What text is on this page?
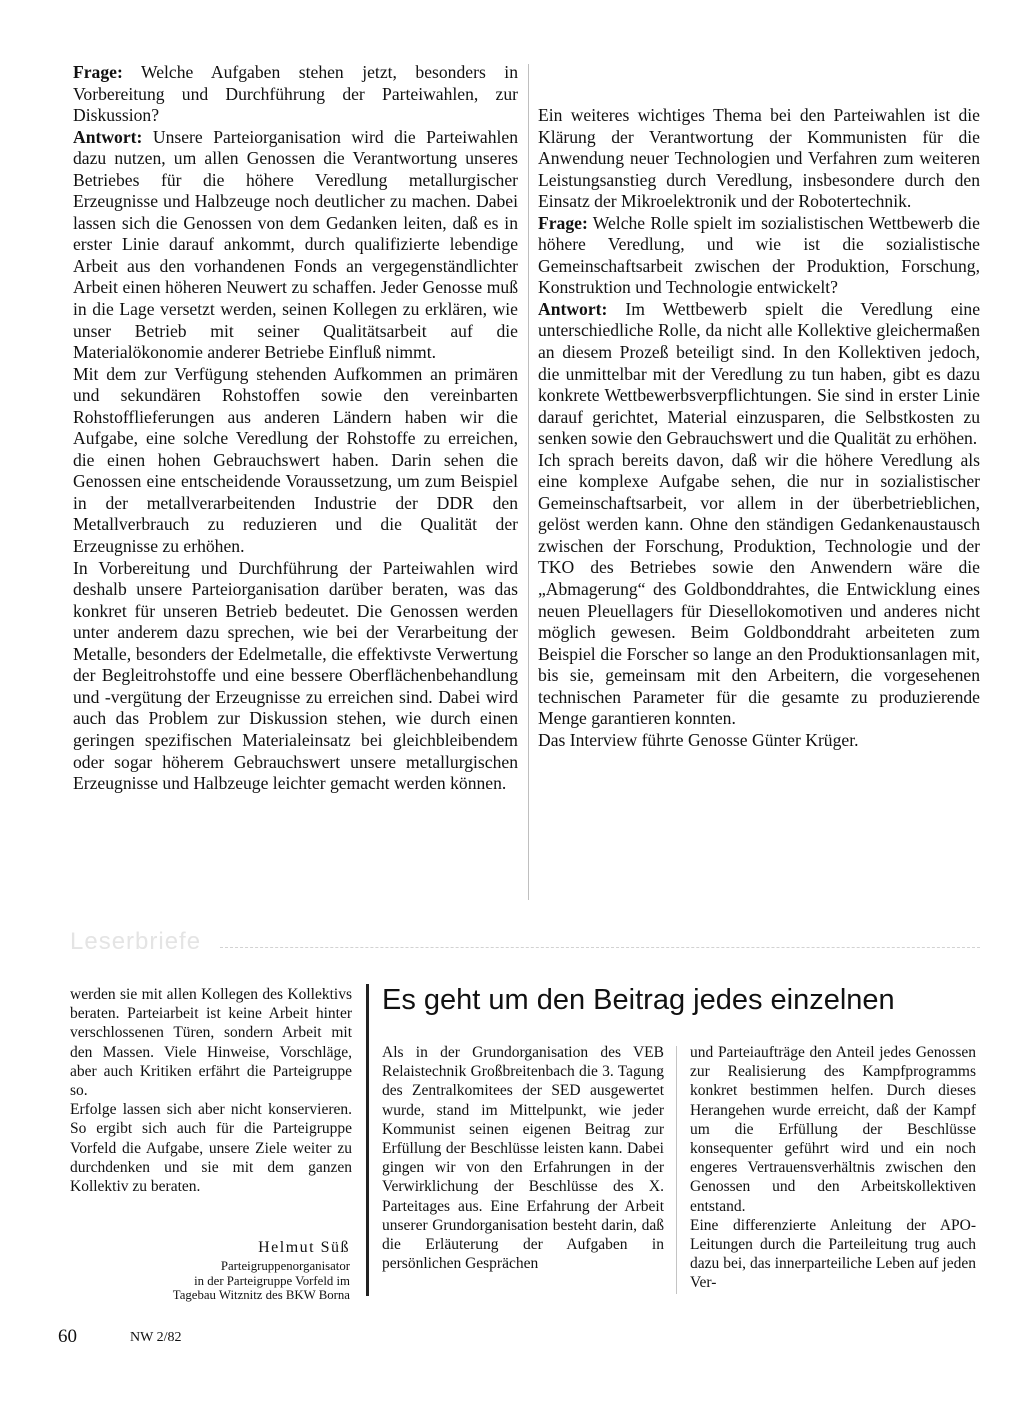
Frage: Welche Aufgaben stehen jetzt, besonders in Vorbereitung und Durchführung der Parteiwahlen, zur Diskussion?

Antwort: Unsere Parteiorganisation wird die Parteiwahlen dazu nutzen, um allen Genossen die Verantwortung unseres Betriebes für die höhere Veredlung metallurgischer Erzeugnisse und Halbzeuge noch deutlicher zu machen. Dabei lassen sich die Genossen von dem Gedanken leiten, daß es in erster Linie darauf ankommt, durch qualifizierte lebendige Arbeit aus den vorhandenen Fonds an vergegenständlichter Arbeit einen höheren Neuwert zu schaffen. Jeder Genosse muß in die Lage versetzt werden, seinen Kollegen zu erklären, wie unser Betrieb mit seiner Qualitätsarbeit auf die Materialökonomie anderer Betriebe Einfluß nimmt.

Mit dem zur Verfügung stehenden Aufkommen an primären und sekundären Rohstoffen sowie den vereinbarten Rohstofflieferungen aus anderen Ländern haben wir die Aufgabe, eine solche Veredlung der Rohstoffe zu erreichen, die einen hohen Gebrauchswert haben. Darin sehen die Genossen eine entscheidende Voraussetzung, um zum Beispiel in der metallverarbeitenden Industrie der DDR den Metallverbrauch zu reduzieren und die Qualität der Erzeugnisse zu erhöhen.

In Vorbereitung und Durchführung der Parteiwahlen wird deshalb unsere Parteiorganisation darüber beraten, was das konkret für unseren Betrieb bedeutet. Die Genossen werden unter anderem dazu sprechen, wie bei der Verarbeitung der Metalle, besonders der Edelmetalle, die effektivste Verwertung der Begleitrohstoffe und eine bessere Oberflächenbehandlung und -vergütung der Erzeugnisse zu erreichen sind. Dabei wird auch das Problem zur Diskussion stehen, wie durch einen geringen spezifischen Materialeinsatz bei gleichbleibendem oder sogar höherem Gebrauchswert unsere metallurgischen Erzeugnisse und Halbzeuge leichter gemacht werden können.

Ein weiteres wichtiges Thema bei den Parteiwahlen ist die Klärung der Verantwortung der Kommunisten für die Anwendung neuer Technologien und Verfahren zum weiteren Leistungsanstieg durch Veredlung, insbesondere durch den Einsatz der Mikroelektronik und der Robotertechnik.

Frage: Welche Rolle spielt im sozialistischen Wettbewerb die höhere Veredlung, und wie ist die sozialistische Gemeinschaftsarbeit zwischen der Produktion, Forschung, Konstruktion und Technologie entwickelt?

Antwort: Im Wettbewerb spielt die Veredlung eine unterschiedliche Rolle, da nicht alle Kollektive gleichermaßen an diesem Prozeß beteiligt sind. In den Kollektiven jedoch, die unmittelbar mit der Veredlung zu tun haben, gibt es dazu konkrete Wettbewerbsverpflichtungen. Sie sind in erster Linie darauf gerichtet, Material einzusparen, die Selbstkosten zu senken sowie den Gebrauchswert und die Qualität zu erhöhen.

Ich sprach bereits davon, daß wir die höhere Veredlung als eine komplexe Aufgabe sehen, die nur in sozialistischer Gemeinschaftsarbeit, vor allem in der überbetrieblichen, gelöst werden kann. Ohne den ständigen Gedankenaustausch zwischen der Forschung, Produktion, Technologie und der TKO des Betriebes sowie den Anwendern wäre die „Abmagerung“ des Goldbonddrahtes, die Entwicklung eines neuen Pleuellagers für Diesellokomotiven und anderes nicht möglich gewesen. Beim Goldbonddraht arbeiteten zum Beispiel die Forscher so lange an den Produktionsanlagen mit, bis sie, gemeinsam mit den Arbeitern, die vorgesehenen technischen Parameter für die gesamte zu produzierende Menge garantieren konnten.

Das Interview führte Genosse Günter Krüger.

Leserbriefe

werden sie mit allen Kollegen des Kollektivs beraten. Parteiarbeit ist keine Arbeit hinter verschlossenen Türen, sondern Arbeit mit den Massen. Viele Hinweise, Vorschläge, aber auch Kritiken erfährt die Parteigruppe so.

Erfolge lassen sich aber nicht konservieren. So ergibt sich auch für die Parteigruppe Vorfeld die Aufgabe, unsere Ziele weiter zu durchdenken und sie mit dem ganzen Kollektiv zu beraten.

Helmut Süß
Parteigruppenorganisator
in der Parteigruppe Vorfeld im
Tagebau Witznitz des BKW Borna
Es geht um den Beitrag jedes einzelnen

Als in der Grundorganisation des VEB Relaistechnik Großbreitenbach die 3. Tagung des Zentralkomitees der SED ausgewertet wurde, stand im Mittelpunkt, wie jeder Kommunist seinen eigenen Beitrag zur Erfüllung der Beschlüsse leisten kann. Dabei gingen wir von den Erfahrungen in der Verwirklichung der Beschlüsse des X. Parteitages aus. Eine Erfahrung der Arbeit unserer Grundorganisation besteht darin, daß die Erläuterung der Aufgaben in persönlichen Gesprächen

und Parteiaufträge den Anteil jedes Genossen zur Realisierung des Kampfprogramms konkret bestimmen helfen. Durch dieses Herangehen wurde erreicht, daß der Kampf um die Erfüllung der Beschlüsse konsequenter geführt wird und ein noch engeres Vertrauensverhältnis zwischen den Genossen und den Arbeitskollektiven entstand.

Eine differenzierte Anleitung der APO-Leitungen durch die Parteileitung trug auch dazu bei, das innerparteiliche Leben auf jeden Ver-

60	NW 2/82
